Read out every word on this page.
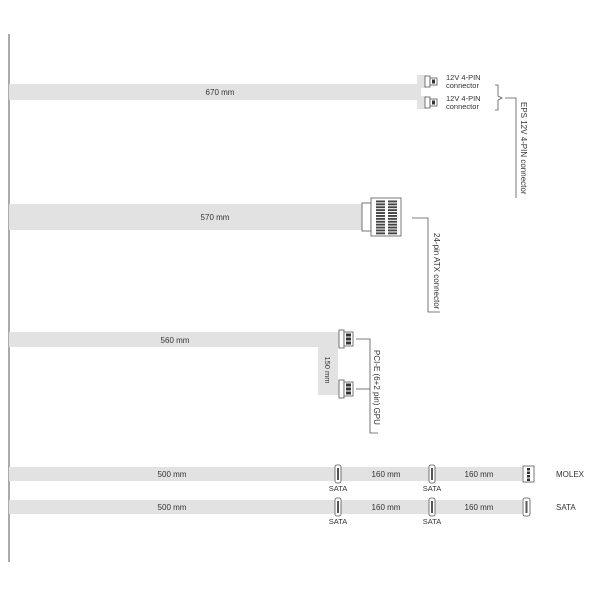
670 mm
12V 4-PIN connector
12V 4-PIN connector	EPS 12V 4-PIN connector
570 mm
24-pin ATX connector
560 mm
150 mm	PCI-E (6+2 pin) GPU
500 mm	160 mm	160 mm
SATA	SATA
MOLEX
500 mm	160 mm	160 mm
SATA	SATA
SATA
